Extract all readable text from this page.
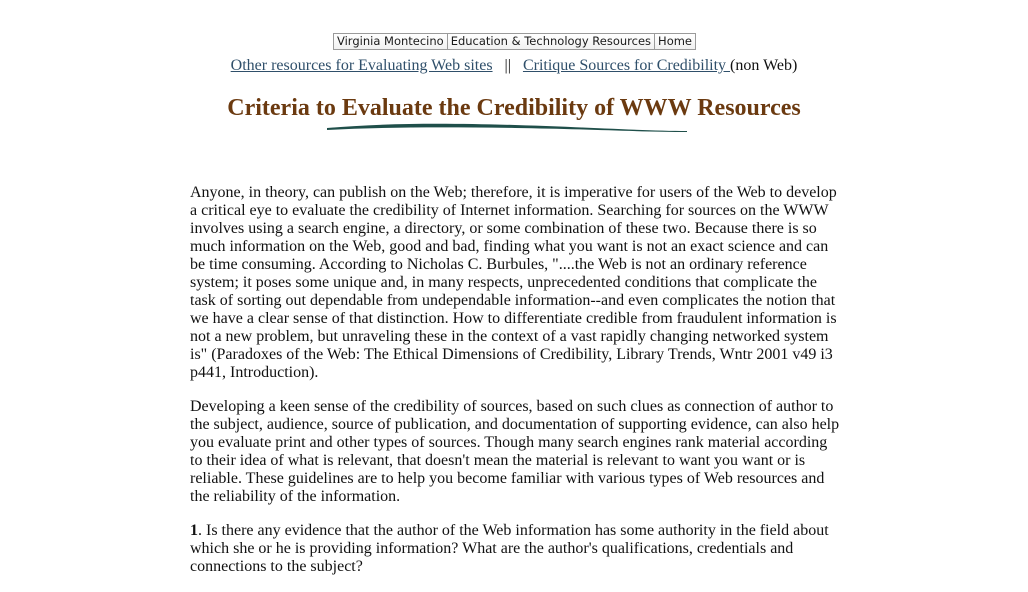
Virginia Montecino Education & Technology Resources Home
Other resources for Evaluating Web sites || Critique Sources for Credibility (non Web)
Criteria to Evaluate the Credibility of WWW Resources

Anyone, in theory, can publish on the Web; therefore, it is imperative for users of the Web to develop a critical eye to evaluate the credibility of Internet information. Searching for sources on the WWW involves using a search engine, a directory, or some combination of these two. Because there is so much information on the Web, good and bad, finding what you want is not an exact science and can be time consuming. According to Nicholas C. Burbules, "....the Web is not an ordinary reference system; it poses some unique and, in many respects, unprecedented conditions that complicate the task of sorting out dependable from undependable information--and even complicates the notion that we have a clear sense of that distinction. How to differentiate credible from fraudulent information is not a new problem, but unraveling these in the context of a vast rapidly changing networked system is" (Paradoxes of the Web: The Ethical Dimensions of Credibility, Library Trends, Wntr 2001 v49 i3 p441, Introduction).

Developing a keen sense of the credibility of sources, based on such clues as connection of author to the subject, audience, source of publication, and documentation of supporting evidence, can also help you evaluate print and other types of sources. Though many search engines rank material according to their idea of what is relevant, that doesn't mean the material is relevant to want you want or is reliable. These guidelines are to help you become familiar with various types of Web resources and the reliability of the information.

1. Is there any evidence that the author of the Web information has some authority in the field about which she or he is providing information? What are the author's qualifications, credentials and connections to the subject?
